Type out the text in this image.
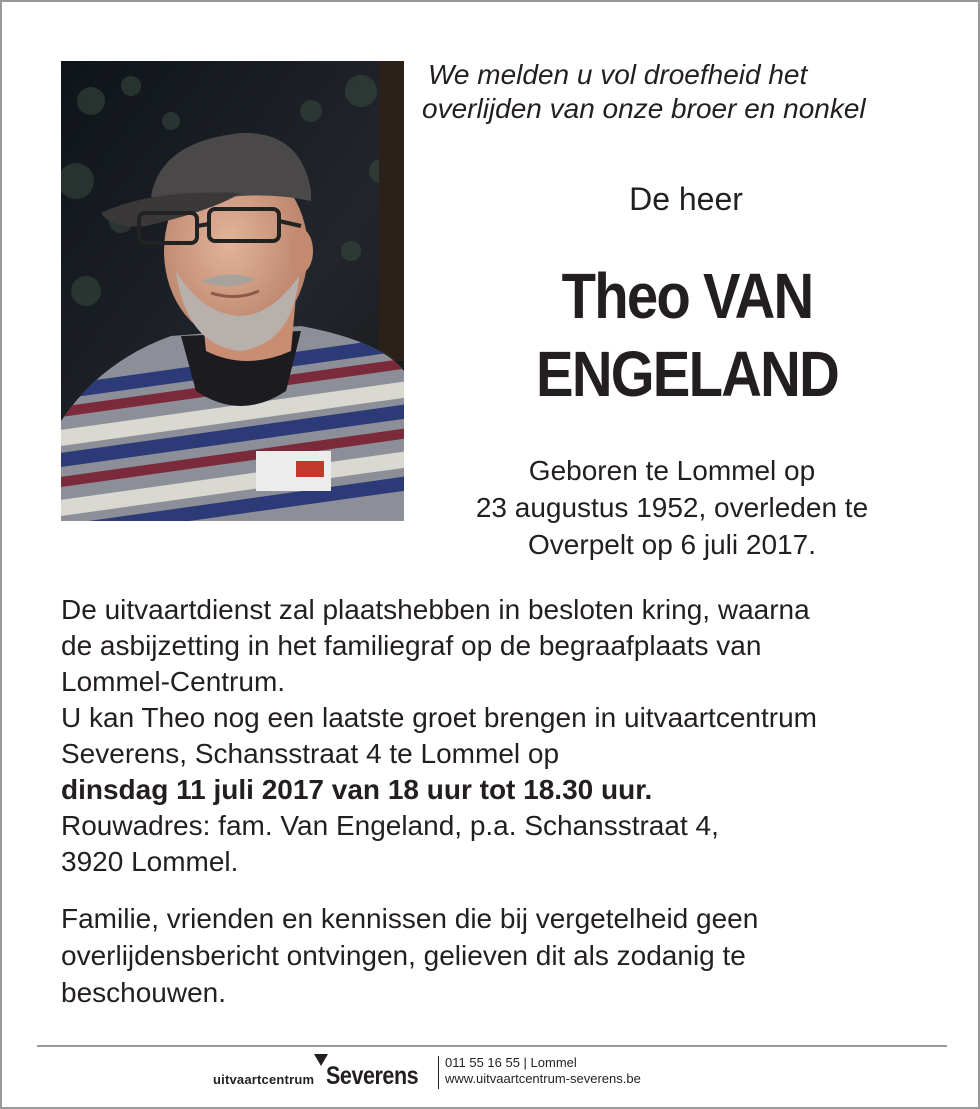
We melden u vol droefheid het
overlijden van onze broer en nonkel
De heer
Theo VAN
ENGELAND
Geboren te Lommel op
23 augustus 1952, overleden te
Overpelt op 6 juli 2017.
De uitvaartdienst zal plaatshebben in besloten kring, waarna
de asbijzetting in het familiegraf op de begraafplaats van
Lommel-Centrum.
U kan Theo nog een laatste groet brengen in uitvaartcentrum
Severens, Schansstraat 4 te Lommel op
dinsdag 11 juli 2017 van 18 uur tot 18.30 uur.
Rouwadres: fam. Van Engeland, p.a. Schansstraat 4,
3920 Lommel.
Familie, vrienden en kennissen die bij vergetelheid geen
overlijdensbericht ontvingen, gelieven dit als zodanig te
beschouwen.
uitvaartcentrum Severens 011 55 16 55 | Lommel
www.uitvaartcentrum-severens.be
